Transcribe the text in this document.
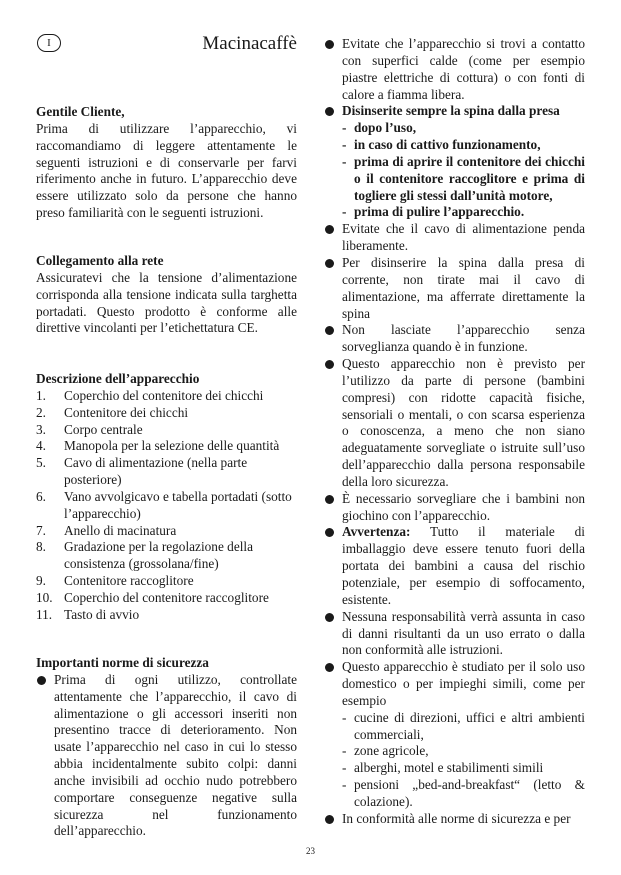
I	Macinacaffè
Gentile Cliente,
Prima di utilizzare l’apparecchio, vi raccomandiamo di leggere attentamente le seguenti istruzioni e di conservarle per farvi riferimento anche in futuro. L’apparecchio deve essere utilizzato solo da persone che hanno preso familiarità con le seguenti istruzioni.
Collegamento alla rete
Assicuratevi che la tensione d’alimentazione corrisponda alla tensione indicata sulla targhetta portadati. Questo prodotto è conforme alle direttive vincolanti per l’etichettatura CE.
Descrizione dell’apparecchio
1.	Coperchio del contenitore dei chicchi
2.	Contenitore dei chicchi
3.	Corpo centrale
4.	Manopola per la selezione delle quantità
5.	Cavo di alimentazione (nella parte posteriore)
6.	Vano avvolgicavo e tabella portadati (sotto l’apparecchio)
7.	Anello di macinatura
8.	Gradazione per la regolazione della consistenza (grossolana/fine)
9.	Contenitore raccoglitore
10. Coperchio del contenitore raccoglitore
11. Tasto di avvio
Importanti norme di sicurezza
Prima di ogni utilizzo, controllate attentamente che l’apparecchio, il cavo di alimentazione o gli accessori inseriti non presentino tracce di deterioramento. Non usate l’apparecchio nel caso in cui lo stesso abbia incidentalmente subito colpi: danni anche invisibili ad occhio nudo potrebbero comportare conseguenze negative sulla sicurezza nel funzionamento dell’apparecchio.
Evitate che l’apparecchio si trovi a contatto con superfici calde (come per esempio piastre elettriche di cottura) o con fonti di calore a fiamma libera.
Disinserite sempre la spina dalla presa
- dopo l’uso,
- in caso di cattivo funzionamento,
- prima di aprire il contenitore dei chicchi o il contenitore raccoglitore e prima di togliere gli stessi dall’unità motore,
- prima di pulire l’apparecchio.
Evitate che il cavo di alimentazione penda liberamente.
Per disinserire la spina dalla presa di corrente, non tirate mai il cavo di alimentazione, ma afferrate direttamente la spina
Non lasciate l’apparecchio senza sorveglianza quando è in funzione.
Questo apparecchio non è previsto per l’utilizzo da parte di persone (bambini compresi) con ridotte capacità fisiche, sensoriali o mentali, o con scarsa esperienza o conoscenza, a meno che non siano adeguatamente sorvegliate o istruite sull’uso dell’apparecchio dalla persona responsabile della loro sicurezza.
È necessario sorvegliare che i bambini non giochino con l’apparecchio.
Avvertenza: Tutto il materiale di imballaggio deve essere tenuto fuori della portata dei bambini a causa del rischio potenziale, per esempio di soffocamento, esistente.
Nessuna responsabilità verrà assunta in caso di danni risultanti da un uso errato o dalla non conformità alle istruzioni.
Questo apparecchio è studiato per il solo uso domestico o per impieghi simili, come per esempio
- cucine di direzioni, uffici e altri ambienti commerciali,
- zone agricole,
- alberghi, motel e stabilimenti simili
- pensioni „bed-and-breakfast“ (letto & colazione).
In conformità alle norme di sicurezza e per
23
